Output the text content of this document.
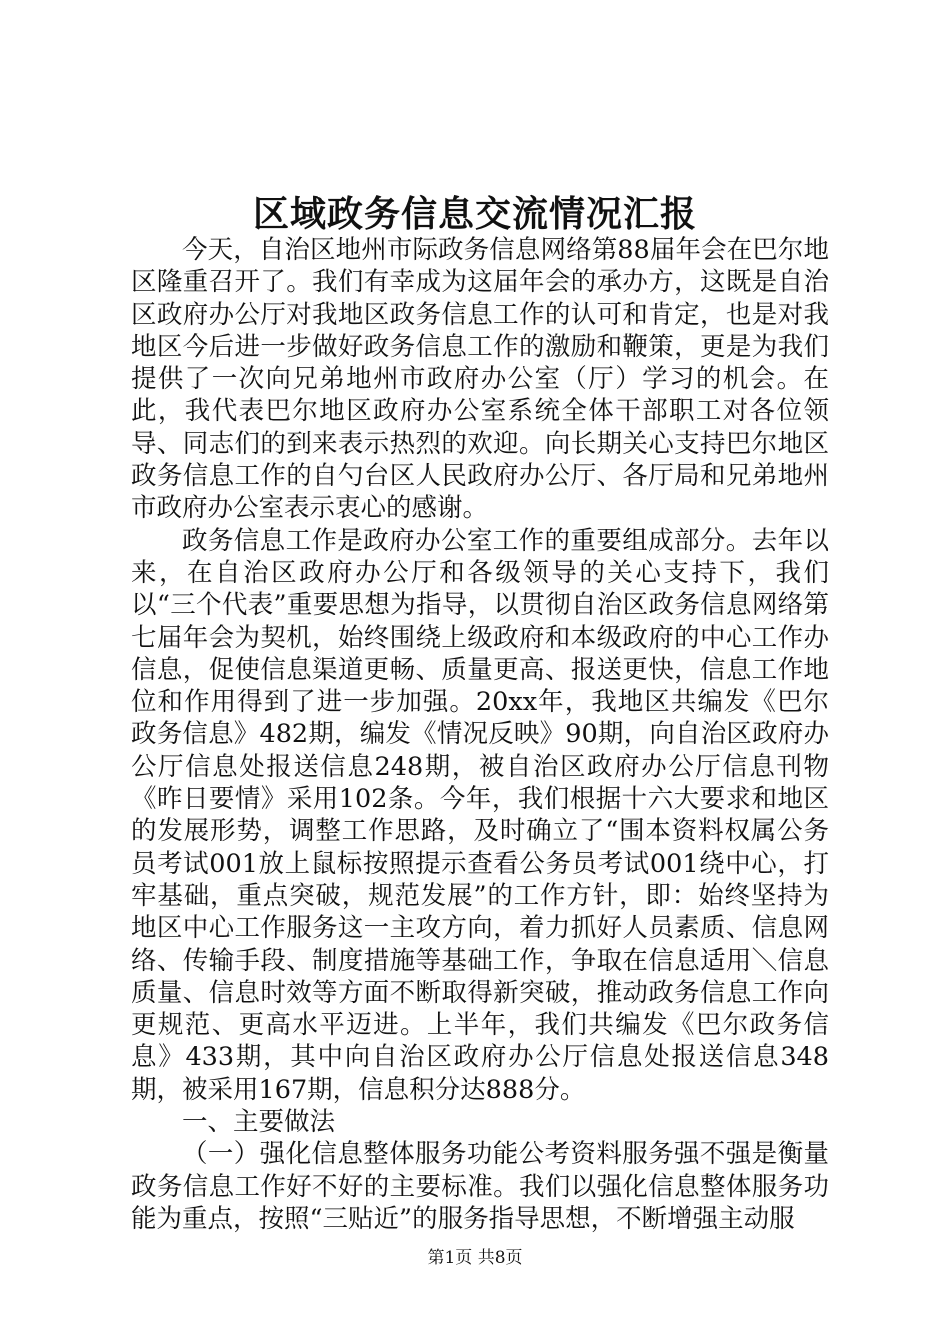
区域政务信息交流情况汇报

今天，自治区地州市际政务信息网络第88届年会在巴尔地区隆重召开了。我们有幸成为这届年会的承办方，这既是自治区政府办公厅对我地区政务信息工作的认可和肯定，也是对我地区今后进一步做好政务信息工作的激励和鞭策，更是为我们提供了一次向兄弟地州市政府办公室（厅）学习的机会。在此，我代表巴尔地区政府办公室系统全体干部职工对各位领导、同志们的到来表示热烈的欢迎。向长期关心支持巴尔地区政务信息工作的自勺台区人民政府办公厅、各厅局和兄弟地州市政府办公室表示衷心的感谢。

政务信息工作是政府办公室工作的重要组成部分。去年以来，在自治区政府办公厅和各级领导的关心支持下，我们以“三个代表”重要思想为指导，以贯彻自治区政务信息网络第七届年会为契机，始终围绕上级政府和本级政府的中心工作办信息，促使信息渠道更畅、质量更高、报送更快，信息工作地位和作用得到了进一步加强。20xx年，我地区共编发《巴尔政务信息》482期，编发《情况反映》90期，向自治区政府办公厅信息处报送信息248期，被自治区政府办公厅信息刊物《昨日要情》采用102条。今年，我们根据十六大要求和地区的发展形势，调整工作思路，及时确立了“围本资料权属公务员考试001放上鼠标按照提示查看公务员考试001绕中心，打牢基础，重点突破，规范发展”的工作方针，即：始终坚持为地区中心工作服务这一主攻方向，着力抓好人员素质、信息网络、传输手段、制度措施等基础工作，争取在信息适用＼信息质量、信息时效等方面不断取得新突破，推动政务信息工作向更规范、更高水平迈进。上半年，我们共编发《巴尔政务信息》433期，其中向自治区政府办公厅信息处报送信息348期，被采用167期，信息积分达888分。

一、主要做法

（一）强化信息整体服务功能公考资料服务强不强是衡量政务信息工作好不好的主要标准。我们以强化信息整体服务功能为重点，按照“三贴近”的服务指导思想，不断增强主动服

第1页 共8页
